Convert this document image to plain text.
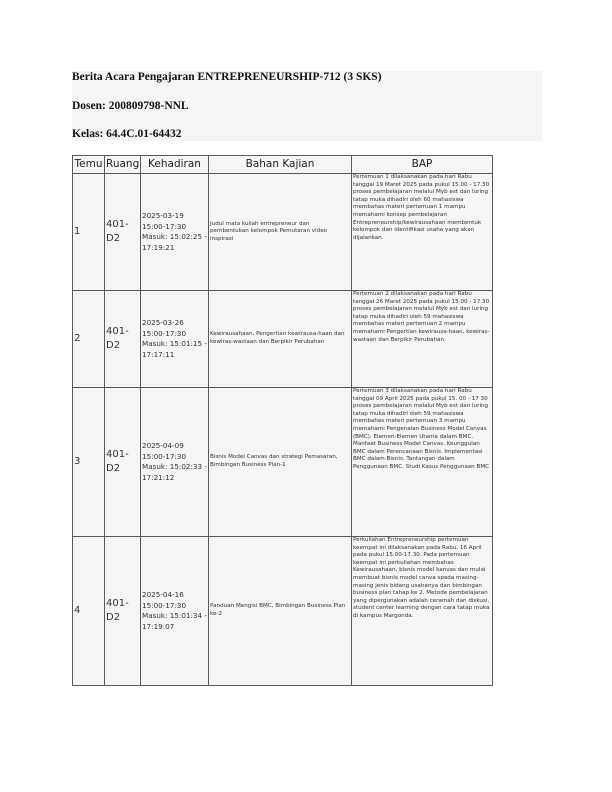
Berita Acara Pengajaran ENTREPRENEURSHIP-712 (3 SKS)
Dosen: 200809798-NNL
Kelas: 64.4C.01-64432
Temu	Ruang	Kehadiran	Bahan Kajian	BAP
1	401-D2	2025-03-19 15:00-17:30 Masuk: 15:02:25 - 17:19:21	Judul mata kuliah entrepreneur dan pembentukan kelompok Pemutaran video inspirasi	Pertemuan 1 dilaksanakan pada hari Rabu tanggal 19 Maret 2025 pada pukul 15.00 - 17.30 proses pembelajaran melalui Myb est dan luring tatap muka dihadiri oleh 60 mahasiswa membahas materi pertemuan 1 mampu memahami konsep pembelajaran Entrepreneurship/kewirausahaan membentuk kelompok dan identifikasi usaha yang akan dijalankan.
2	401-D2	2025-03-26 15:00-17:30 Masuk: 15:01:15 - 17:17:11	Kewirausahaan, Pengertian kewirausa-haan dan kewiras-wastaan dan Berpikir Perubahan	Pertemuan 2 dilaksanakan pada hari Rabu tanggal 26 Maret 2025 pada pukul 15.00 - 17.30 proses pembelajaran melalui Myb est dan luring tatap muka dihadiri oleh 59 mahasiswa membahas materi pertemuan 2 mampu memahami Pengertian kewirausa-haan, kewiras-wastaan dan Berpikir Perubahan.
3	401-D2	2025-04-09 15:00-17:30 Masuk: 15:02:33 - 17:21:12	Bisnis Model Canvas dan strategi Pemasaran, Bimbingan Business Plan-1	Pertemuan 3 dilaksanakan pada hari Rabu tanggal 09 April 2025 pada pukul 15. 00 - 17 30 proses pembelajaran melalui Myb est dan luring tatap muka dihadiri oleh 59 mahasiswa membahas materi pertemuan 3 mampu memahami Pengenalan Business Model Canvas (BMC). Elemen-Elemen Utama dalam BMC. Manfaat Business Model Canvas. Keunggulan BMC dalam Perencanaan Bisnis. Implementasi BMC dalam Bisnis. Tantangan dalam Penggunaan BMC. Studi Kasus Penggunaan BMC
4	401-D2	2025-04-16 15:00-17:30 Masuk: 15:01:34 - 17:19:07	Panduan Mengisi BMC, Bimbingan Business Plan ke-2	Perkuliahan Entrepreneurship pertemuan keempat ini dilaksanakan pada Rabu, 16 April pada pukul 15.00-17.30. Pada pertemuan keempat ini perkuliahan membahas Kewirausahaan, bisnis model kanvas dan mulai membuat bisnis model canva spada masing-masing jenis bidang usahanya dan bimbingan business plan tahap ke 2. Metode pembelajaran yang dipergunakan adalah ceramah dan diskusi, student center learning dengan cara tatap muka di kampus Margonda.
